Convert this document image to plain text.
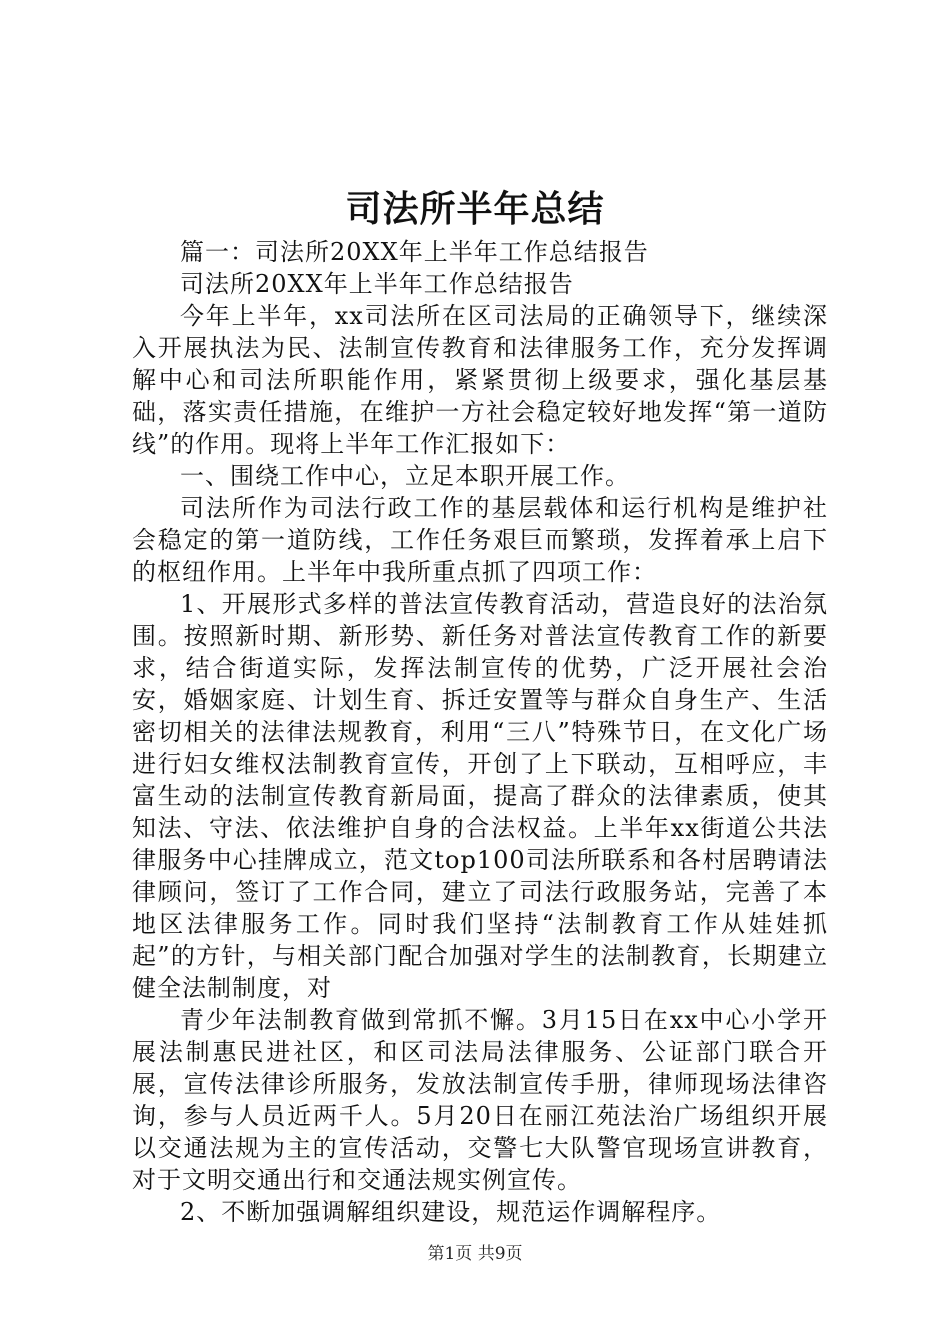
司法所半年总结

篇一：司法所20XX年上半年工作总结报告

司法所20XX年上半年工作总结报告

今年上半年，xx司法所在区司法局的正确领导下，继续深入开展执法为民、法制宣传教育和法律服务工作，充分发挥调解中心和司法所职能作用，紧紧贯彻上级要求，强化基层基础，落实责任措施，在维护一方社会稳定较好地发挥“第一道防线”的作用。现将上半年工作汇报如下：

一、围绕工作中心，立足本职开展工作。

司法所作为司法行政工作的基层载体和运行机构是维护社会稳定的第一道防线，工作任务艰巨而繁琐，发挥着承上启下的枢纽作用。上半年中我所重点抓了四项工作：

1、开展形式多样的普法宣传教育活动，营造良好的法治氛围。按照新时期、新形势、新任务对普法宣传教育工作的新要求，结合街道实际，发挥法制宣传的优势，广泛开展社会治安，婚姻家庭、计划生育、拆迁安置等与群众自身生产、生活密切相关的法律法规教育，利用“三八”特殊节日，在文化广场进行妇女维权法制教育宣传，开创了上下联动，互相呼应，丰富生动的法制宣传教育新局面，提高了群众的法律素质，使其知法、守法、依法维护自身的合法权益。上半年xx街道公共法律服务中心挂牌成立，范文top100司法所联系和各村居聘请法律顾问，签订了工作合同，建立了司法行政服务站，完善了本地区法律服务工作。同时我们坚持“法制教育工作从娃娃抓起”的方针，与相关部门配合加强对学生的法制教育，长期建立健全法制制度，对

青少年法制教育做到常抓不懈。3月15日在xx中心小学开展法制惠民进社区，和区司法局法律服务、公证部门联合开展，宣传法律诊所服务，发放法制宣传手册，律师现场法律咨询，参与人员近两千人。5月20日在丽江苑法治广场组织开展以交通法规为主的宣传活动，交警七大队警官现场宣讲教育，对于文明交通出行和交通法规实例宣传。

2、不断加强调解组织建设，规范运作调解程序。

第1页 共9页
